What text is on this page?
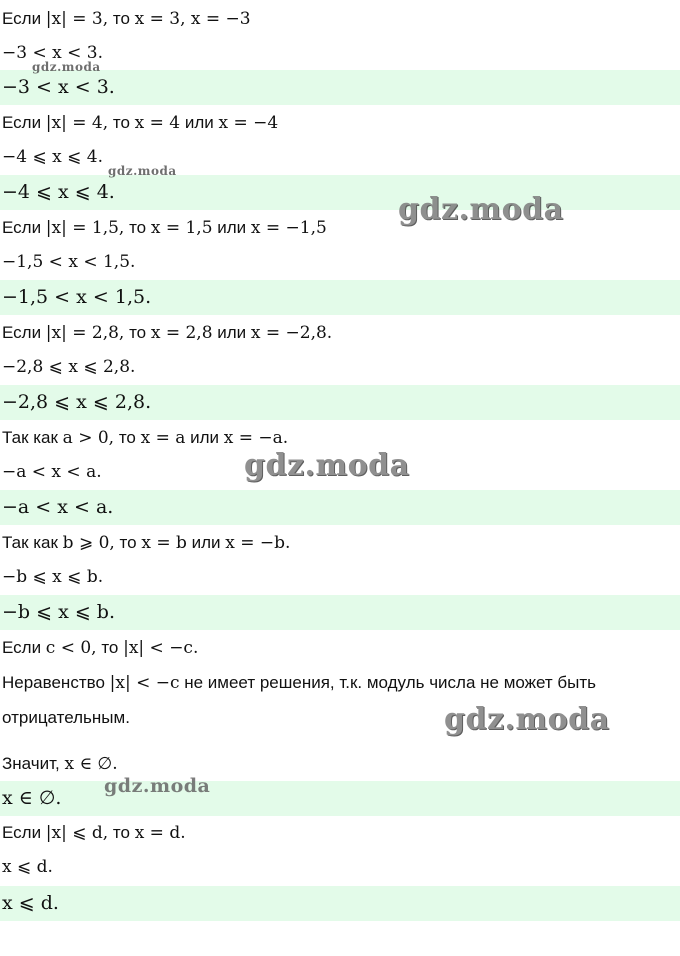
Если |x| = 3, то x = 3, x = −3
−3 < x < 3.
−3 < x < 3.
Если |x| = 4, то x = 4 или x = −4
−4 ⩽ x ⩽ 4.
−4 ⩽ x ⩽ 4.
Если |x| = 1,5, то x = 1,5 или x = −1,5
−1,5 < x < 1,5.
−1,5 < x < 1,5.
Если |x| = 2,8, то x = 2,8 или x = −2,8.
−2,8 ⩽ x ⩽ 2,8.
−2,8 ⩽ x ⩽ 2,8.
Так как a > 0, то x = a или x = −a.
−a < x < a.
−a < x < a.
Так как b ⩾ 0, то x = b или x = −b.
−b ⩽ x ⩽ b.
−b ⩽ x ⩽ b.
Если c < 0, то |x| < −c.
Неравенство |x| < −c не имеет решения, т.к. модуль числа не может быть
отрицательным.
Значит, x ∈ ∅.
x ∈ ∅.
Если |x| ⩽ d, то x = d.
x ⩽ d.
x ⩽ d.
gdz.moda
gdz.moda
gdz.moda
gdz.moda
gdz.moda
gdz.moda
